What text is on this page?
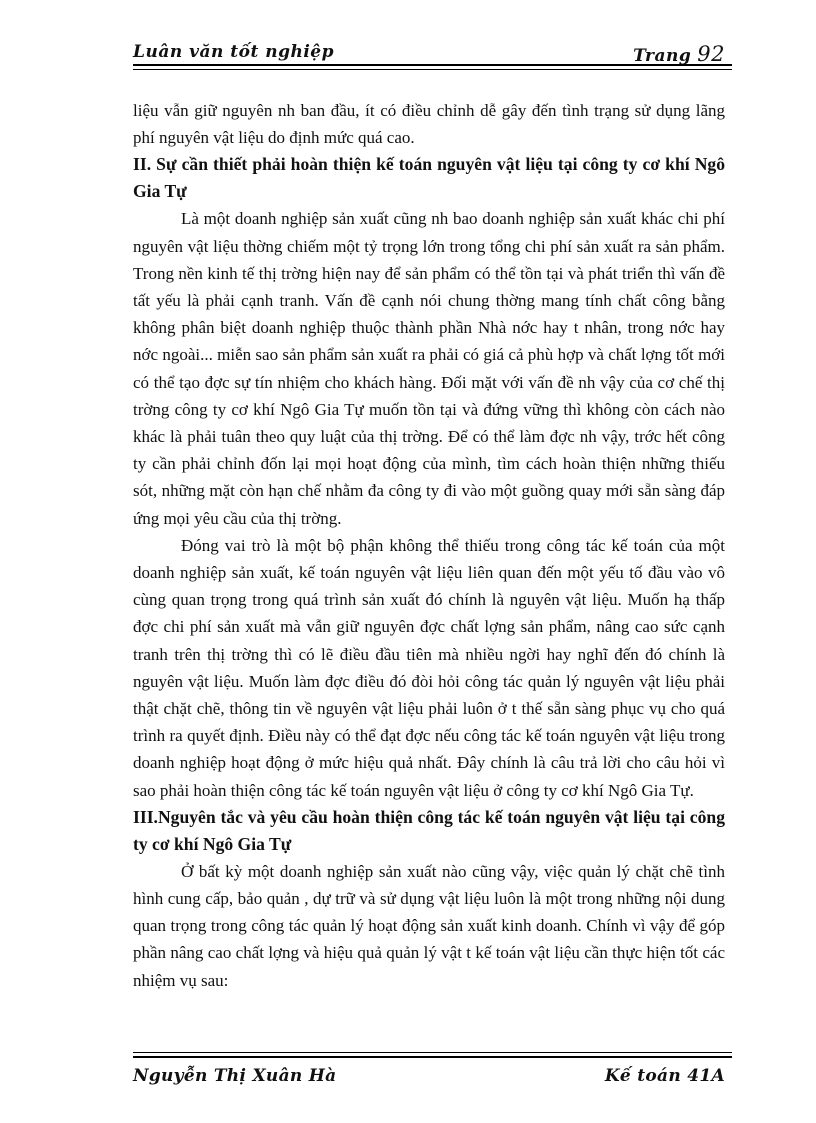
Luân văn tốt nghiệp	Trang 92

liệu vẫn giữ nguyên nh ban đầu, ít có điều chỉnh dễ gây đến tình trạng sử dụng lãng phí nguyên vật liệu do định mức quá cao.

II. Sự cần thiết phải hoàn thiện kế toán nguyên vật liệu tại công ty cơ khí Ngô Gia Tự

Là một doanh nghiệp sản xuất cũng nh bao doanh nghiệp sản xuất khác chi phí nguyên vật liệu thờng chiếm một tỷ trọng lớn trong tổng chi phí sản xuất ra sản phẩm. Trong nền kinh tế thị trờng hiện nay để sản phẩm có thể tồn tại và phát triển thì vấn đề tất yếu là phải cạnh tranh. Vấn đề cạnh nói chung thờng mang tính chất công bằng không phân biệt doanh nghiệp thuộc thành phần Nhà nớc hay t nhân, trong nớc hay nớc ngoài... miễn sao sản phẩm sản xuất ra phải có giá cả phù hợp và chất lợng tốt mới có thể tạo đợc sự tín nhiệm cho khách hàng. Đối mặt với vấn đề nh vậy của cơ chế thị trờng công ty cơ khí Ngô Gia Tự muốn tồn tại và đứng vững thì không còn cách nào khác là phải tuân theo quy luật của thị trờng. Để có thể làm đợc nh vậy, trớc hết công ty cần phải chỉnh đốn lại mọi hoạt động của mình, tìm cách hoàn thiện những thiếu sót, những mặt còn hạn chế nhằm đa công ty đi vào một guồng quay mới sẵn sàng đáp ứng mọi yêu cầu của thị trờng.

Đóng vai trò là một bộ phận không thể thiếu trong công tác kế toán của một doanh nghiệp sản xuất, kế toán nguyên vật liệu liên quan đến một yếu tố đầu vào vô cùng quan trọng trong quá trình sản xuất đó chính là nguyên vật liệu. Muốn hạ thấp đợc chi phí sản xuất mà vẫn giữ nguyên đợc chất lợng sản phẩm, nâng cao sức cạnh tranh trên thị trờng thì có lẽ điều đầu tiên mà nhiều ngời hay nghĩ đến đó chính là nguyên vật liệu. Muốn làm đợc điều đó đòi hỏi công tác quản lý nguyên vật liệu phải thật chặt chẽ, thông tin về nguyên vật liệu phải luôn ở t thế sẵn sàng phục vụ cho quá trình ra quyết định. Điều này có thể đạt đợc nếu công tác kế toán nguyên vật liệu trong doanh nghiệp hoạt động ở mức hiệu quả nhất. Đây chính là câu trả lời cho câu hỏi vì sao phải hoàn thiện công tác kế toán nguyên vật liệu ở công ty cơ khí Ngô Gia Tự.

III.Nguyên tắc và yêu cầu hoàn thiện công tác kế toán nguyên vật liệu tại công ty cơ khí Ngô Gia Tự

Ở bất kỳ một doanh nghiệp sản xuất nào cũng vậy, việc quản lý chặt chẽ tình hình cung cấp, bảo quản , dự trữ và sử dụng vật liệu luôn là một trong những nội dung quan trọng trong công tác quản lý hoạt động sản xuất kinh doanh. Chính vì vậy để góp phần nâng cao chất lợng và hiệu quả quản lý vật t kế toán vật liệu cần thực hiện tốt các nhiệm vụ sau:

Nguyễn Thị Xuân Hà	Kế toán 41A
